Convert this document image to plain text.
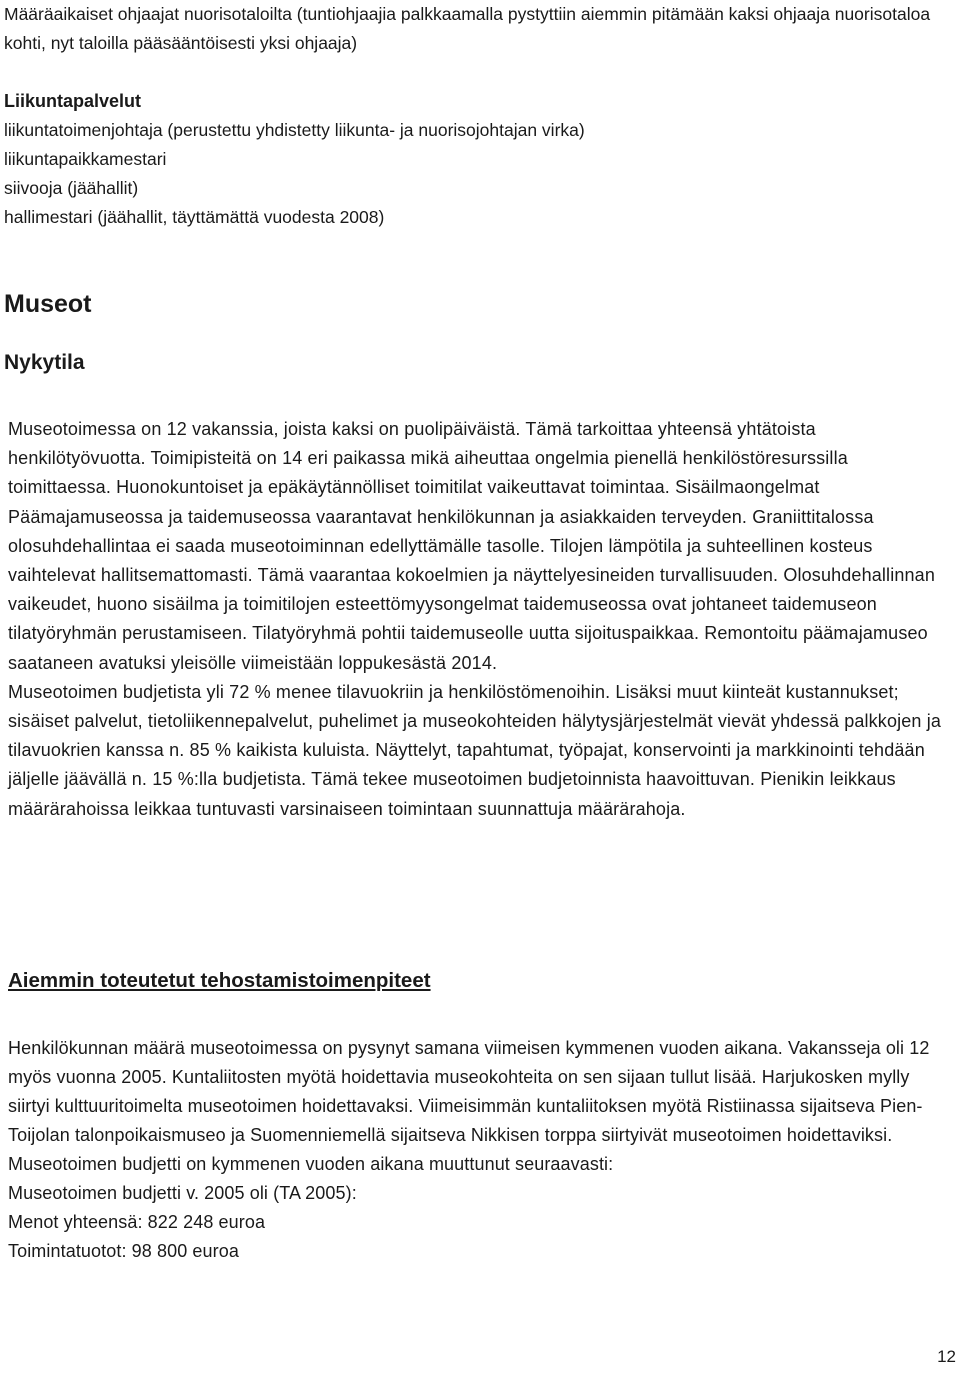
Määräaikaiset ohjaajat nuorisotaloilta (tuntiohjaajia palkkaamalla pystyttiin aiemmin pitämään kaksi ohjaaja nuorisotaloa kohti, nyt taloilla pääsääntöisesti yksi ohjaaja)

Liikuntapalvelut
liikuntatoimenjohtaja (perustettu yhdistetty liikunta- ja nuorisojohtajan virka)
liikuntapaikkamestari
siivooja (jäähallit)
hallimestari (jäähallit, täyttämättä vuodesta 2008)
Museot
Nykytila

Museotoimessa on 12 vakanssia, joista kaksi on puolipäiväistä. Tämä tarkoittaa yhteensä yhtätoista henkilötyövuotta. Toimipisteitä on 14 eri paikassa mikä aiheuttaa ongelmia pienellä henkilöstöresurssilla toimittaessa. Huonokuntoiset ja epäkäytännölliset toimitilat vaikeuttavat toimintaa. Sisäilmaongelmat Päämajamuseossa ja taidemuseossa vaarantavat henkilökunnan ja asiakkaiden terveyden. Graniittitalossa olosuhdehallintaa ei saada museotoiminnan edellyttämälle tasolle. Tilojen lämpötila ja suhteellinen kosteus vaihtelevat hallitsemattomasti. Tämä vaarantaa kokoelmien ja näyttelyesineiden turvallisuuden. Olosuhdehallinnan vaikeudet, huono sisäilma ja toimitilojen esteettömyysongelmat taidemuseossa ovat johtaneet taidemuseon tilatyöryhmän perustamiseen. Tilatyöryhmä pohtii taidemuseolle uutta sijoituspaikkaa. Remontoitu päämajamuseo saataneen avatuksi yleisölle viimeistään loppukesästä 2014.

Museotoimen budjetista yli 72 % menee tilavuokriin ja henkilöstömenoihin. Lisäksi muut kiinteät kustannukset; sisäiset palvelut, tietoliikennepalvelut, puhelimet ja museokohteiden hälytysjärjestelmät vievät yhdessä palkkojen ja tilavuokrien kanssa n. 85 % kaikista kuluista. Näyttelyt, tapahtumat, työpajat, konservointi ja markkinointi tehdään jäljelle jäävällä n. 15 %:lla budjetista. Tämä tekee museotoimen budjetoinnista haavoittuvan. Pienikin leikkaus määrärahoissa leikkaa tuntuvasti varsinaiseen toimintaan suunnattuja määrärahoja.

Aiemmin toteutetut tehostamistoimenpiteet

Henkilökunnan määrä museotoimessa on pysynyt samana viimeisen kymmenen vuoden aikana. Vakansseja oli 12 myös vuonna 2005. Kuntaliitosten myötä hoidettavia museokohteita on sen sijaan tullut lisää. Harjukosken mylly siirtyi kulttuuritoimelta museotoimen hoidettavaksi. Viimeisimmän kuntaliitoksen myötä Ristiinassa sijaitseva Pien-Toijolan talonpoikaismuseo ja Suomenniemellä sijaitseva Nikkisen torppa siirtyivät museotoimen hoidettaviksi.

Museotoimen budjetti on kymmenen vuoden aikana muuttunut seuraavasti:

Museotoimen budjetti v. 2005 oli (TA 2005):

Menot yhteensä: 822 248 euroa

Toimintatuotot: 98 800 euroa

12
